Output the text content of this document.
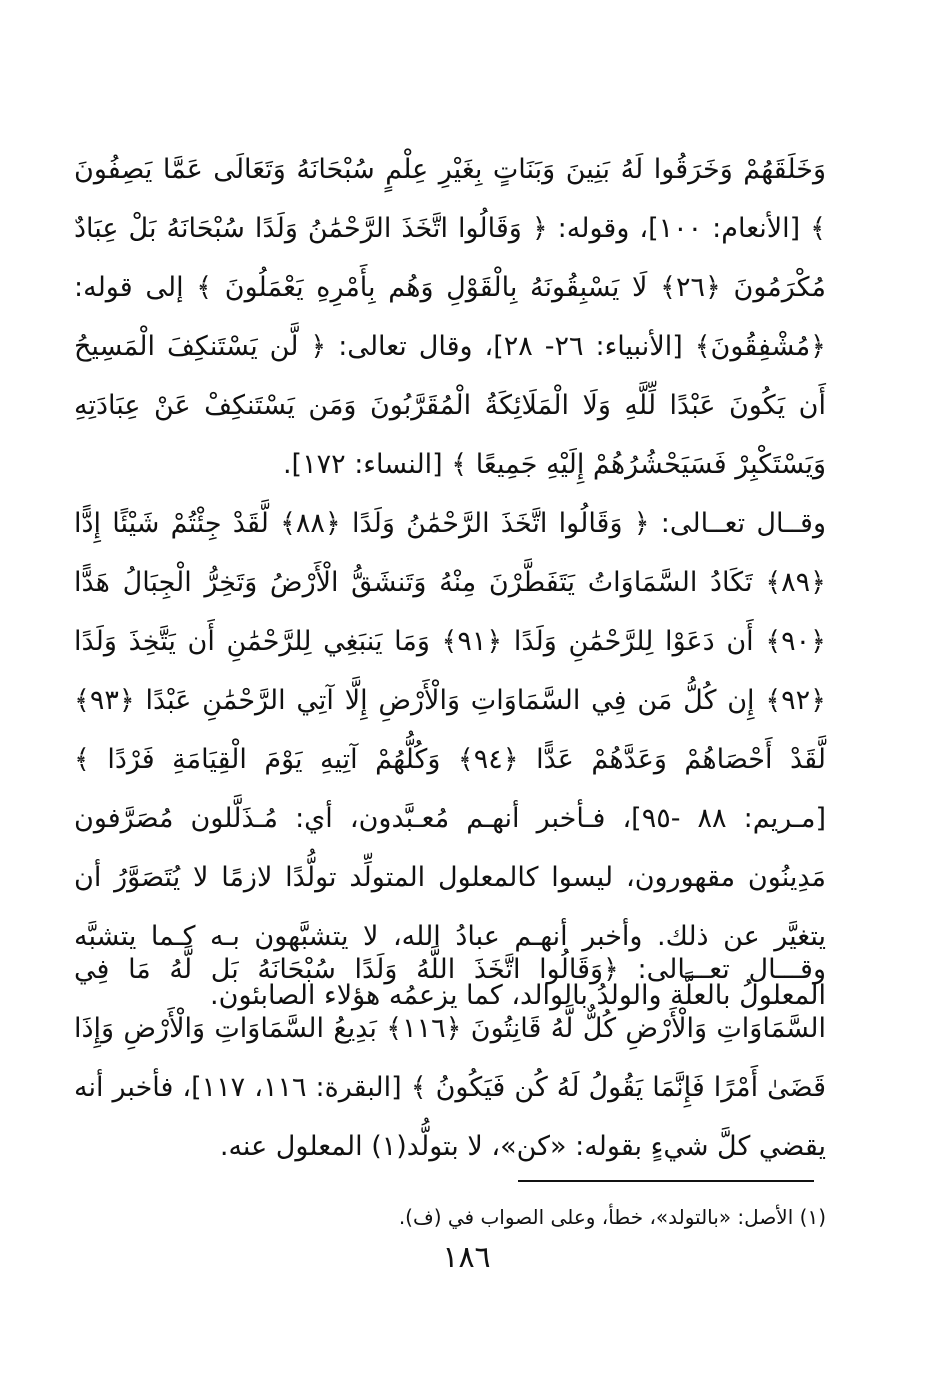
وَخَلَقَهُمْ وَخَرَقُوا لَهُ بَنِينَ وَبَنَاتٍ بِغَيْرِ عِلْمٍ سُبْحَانَهُ وَتَعَالَى عَمَّا يَصِفُونَ ﴾ [الأنعام: ١٠٠]، وقوله: ﴿ وَقَالُوا اتَّخَذَ الرَّحْمَٰنُ وَلَدًا سُبْحَانَهُ بَلْ عِبَادٌ مُكْرَمُونَ ﴿٢٦﴾ لَا يَسْبِقُونَهُ بِالْقَوْلِ وَهُم بِأَمْرِهِ يَعْمَلُونَ ﴾ إلى قوله: ﴿مُشْفِقُونَ﴾ [الأنبياء: ٢٦- ٢٨]، وقال تعالى: ﴿ لَّن يَسْتَنكِفَ الْمَسِيحُ أَن يَكُونَ عَبْدًا لِّلَّهِ وَلَا الْمَلَائِكَةُ الْمُقَرَّبُونَ وَمَن يَسْتَنكِفْ عَنْ عِبَادَتِهِ وَيَسْتَكْبِرْ فَسَيَحْشُرُهُمْ إِلَيْهِ جَمِيعًا ﴾ [النساء: ١٧٢].

وقــال تعــالى: ﴿ وَقَالُوا اتَّخَذَ الرَّحْمَٰنُ وَلَدًا ﴿٨٨﴾ لَّقَدْ جِئْتُمْ شَيْئًا إِدًّا ﴿٨٩﴾ تَكَادُ السَّمَاوَاتُ يَتَفَطَّرْنَ مِنْهُ وَتَنشَقُّ الْأَرْضُ وَتَخِرُّ الْجِبَالُ هَدًّا ﴿٩٠﴾ أَن دَعَوْا لِلرَّحْمَٰنِ وَلَدًا ﴿٩١﴾ وَمَا يَنبَغِي لِلرَّحْمَٰنِ أَن يَتَّخِذَ وَلَدًا ﴿٩٢﴾ إِن كُلُّ مَن فِي السَّمَاوَاتِ وَالْأَرْضِ إِلَّا آتِي الرَّحْمَٰنِ عَبْدًا ﴿٩٣﴾ لَّقَدْ أَحْصَاهُمْ وَعَدَّهُمْ عَدًّا ﴿٩٤﴾ وَكُلُّهُمْ آتِيهِ يَوْمَ الْقِيَامَةِ فَرْدًا ﴾ [مـريم: ٨٨ -٩٥]، فـأخبر أنهـم مُعـبَّدون، أي: مُـذَلَّلون مُصَرَّفون مَدِينُون مقهورون، ليسوا كالمعلول المتولِّد تولُّدًا لازمًا لا يُتَصَوَّرُ أن يتغيَّر عن ذلك. وأخبر أنهـم عبادُ الله، لا يتشبَّهون بـه كـما يتشبَّه المعلولُ بالعلَّة والولدُ بالوالد، كما يزعمُه هؤلاء الصابئون.

وقـــال تعـــالى: ﴿وَقَالُوا اتَّخَذَ اللَّهُ وَلَدًا سُبْحَانَهُ بَل لَّهُ مَا فِي السَّمَاوَاتِ وَالْأَرْضِ كُلٌّ لَّهُ قَانِتُونَ ﴿١١٦﴾ بَدِيعُ السَّمَاوَاتِ وَالْأَرْضِ وَإِذَا قَضَىٰ أَمْرًا فَإِنَّمَا يَقُولُ لَهُ كُن فَيَكُونُ ﴾ [البقرة: ١١٦، ١١٧]، فأخبر أنه يقضي كلَّ شيءٍ بقوله: «كن»، لا بتولُّد(١) المعلول عنه.

(١) الأصل: «بالتولد»، خطأ، وعلى الصواب في (ف).
١٨٦
